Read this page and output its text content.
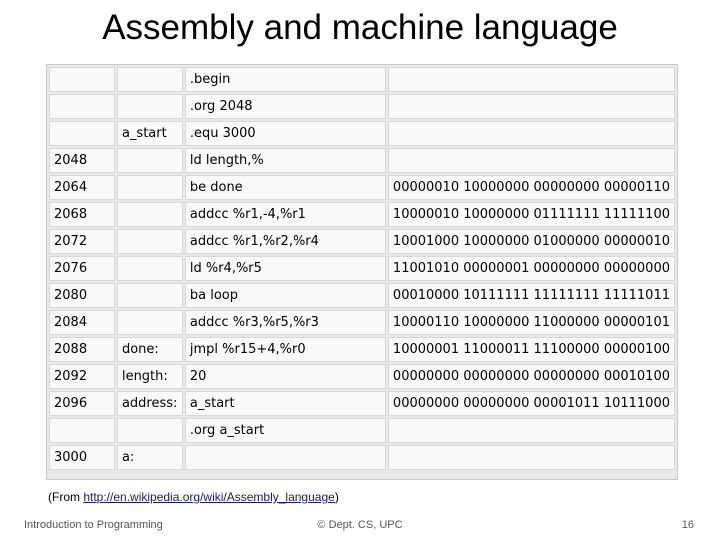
Assembly and machine language
		.begin	
		.org 2048	
	a_start	.equ 3000	
2048		ld length,%	
2064		be done	00000010 10000000 00000000 00000110
2068		addcc %r1,-4,%r1	10000010 10000000 01111111 11111100
2072		addcc %r1,%r2,%r4	10001000 10000000 01000000 00000010
2076		ld %r4,%r5	11001010 00000001 00000000 00000000
2080		ba loop	00010000 10111111 11111111 11111011
2084		addcc %r3,%r5,%r3	10000110 10000000 11000000 00000101
2088	done:	jmpl %r15+4,%r0	10000001 11000011 11100000 00000100
2092	length:	20	00000000 00000000 00000000 00010100
2096	address:	a_start	00000000 00000000 00001011 10111000
		.org a_start	
3000	a:		
(From http://en.wikipedia.org/wiki/Assembly_language)
Introduction to Programming	© Dept. CS, UPC	16
